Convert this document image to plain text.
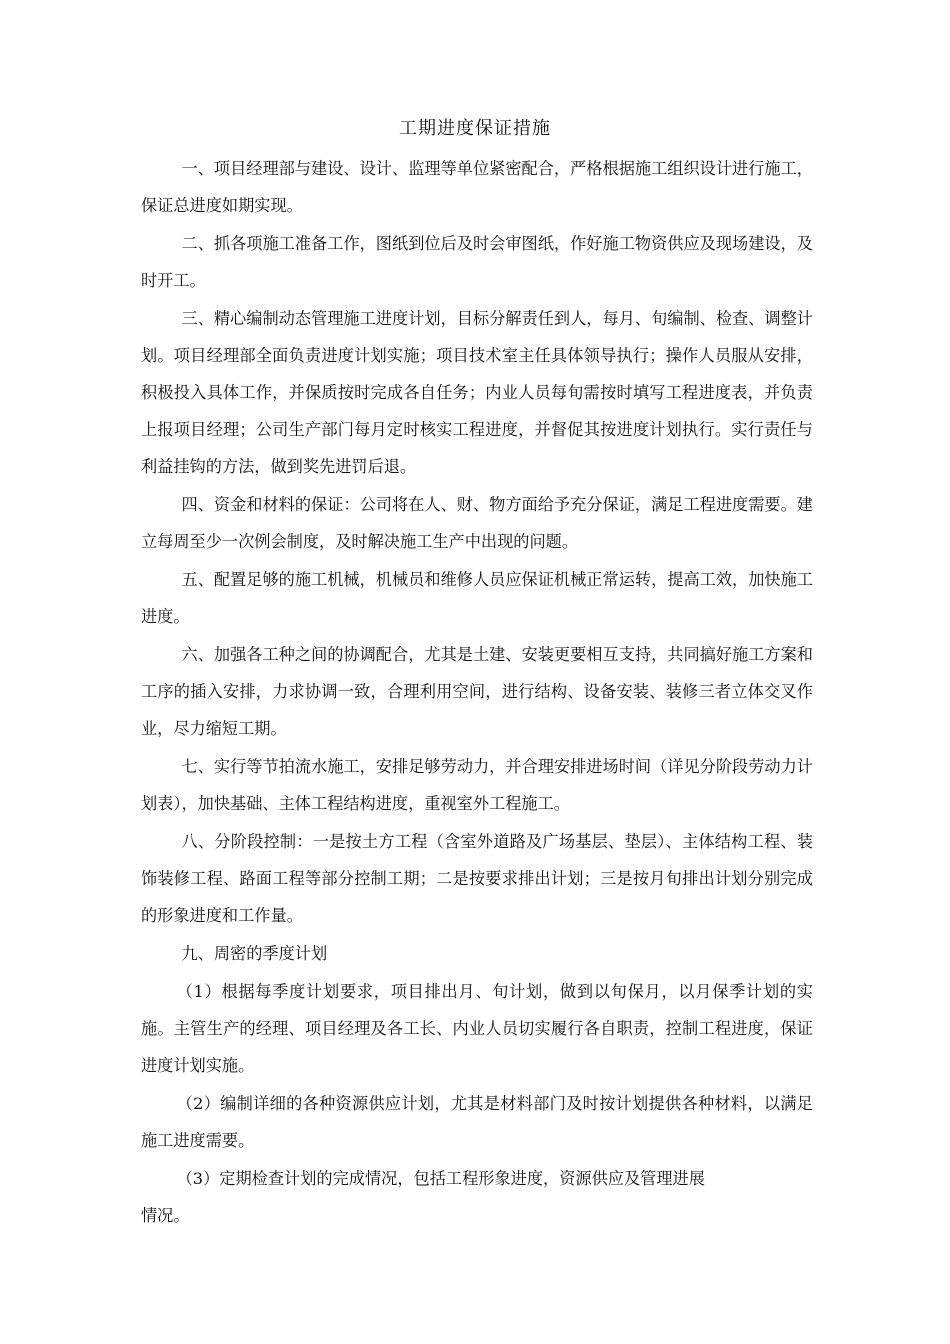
工期进度保证措施

一、项目经理部与建设、设计、监理等单位紧密配合，严格根据施工组织设计进行施工，保证总进度如期实现。

二、抓各项施工准备工作，图纸到位后及时会审图纸，作好施工物资供应及现场建设，及时开工。

三、精心编制动态管理施工进度计划，目标分解责任到人，每月、旬编制、检查、调整计划。项目经理部全面负责进度计划实施；项目技术室主任具体领导执行；操作人员服从安排，积极投入具体工作，并保质按时完成各自任务；内业人员每旬需按时填写工程进度表，并负责上报项目经理；公司生产部门每月定时核实工程进度，并督促其按进度计划执行。实行责任与利益挂钩的方法，做到奖先进罚后退。

四、资金和材料的保证：公司将在人、财、物方面给予充分保证，满足工程进度需要。建立每周至少一次例会制度，及时解决施工生产中出现的问题。

五、配置足够的施工机械，机械员和维修人员应保证机械正常运转，提高工效，加快施工进度。

六、加强各工种之间的协调配合，尤其是土建、安装更要相互支持，共同搞好施工方案和工序的插入安排，力求协调一致，合理利用空间，进行结构、设备安装、装修三者立体交叉作业，尽力缩短工期。

七、实行等节拍流水施工，安排足够劳动力，并合理安排进场时间（详见分阶段劳动力计划表），加快基础、主体工程结构进度，重视室外工程施工。

八、分阶段控制：一是按土方工程（含室外道路及广场基层、垫层）、主体结构工程、装饰装修工程、路面工程等部分控制工期；二是按要求排出计划；三是按月旬排出计划分别完成的形象进度和工作量。

九、周密的季度计划

（1）根据每季度计划要求，项目排出月、旬计划，做到以旬保月，以月保季计划的实施。主管生产的经理、项目经理及各工长、内业人员切实履行各自职责，控制工程进度，保证进度计划实施。

（2）编制详细的各种资源供应计划，尤其是材料部门及时按计划提供各种材料，以满足施工进度需要。

（3）定期检查计划的完成情况，包括工程形象进度，资源供应及管理进展
情况。
